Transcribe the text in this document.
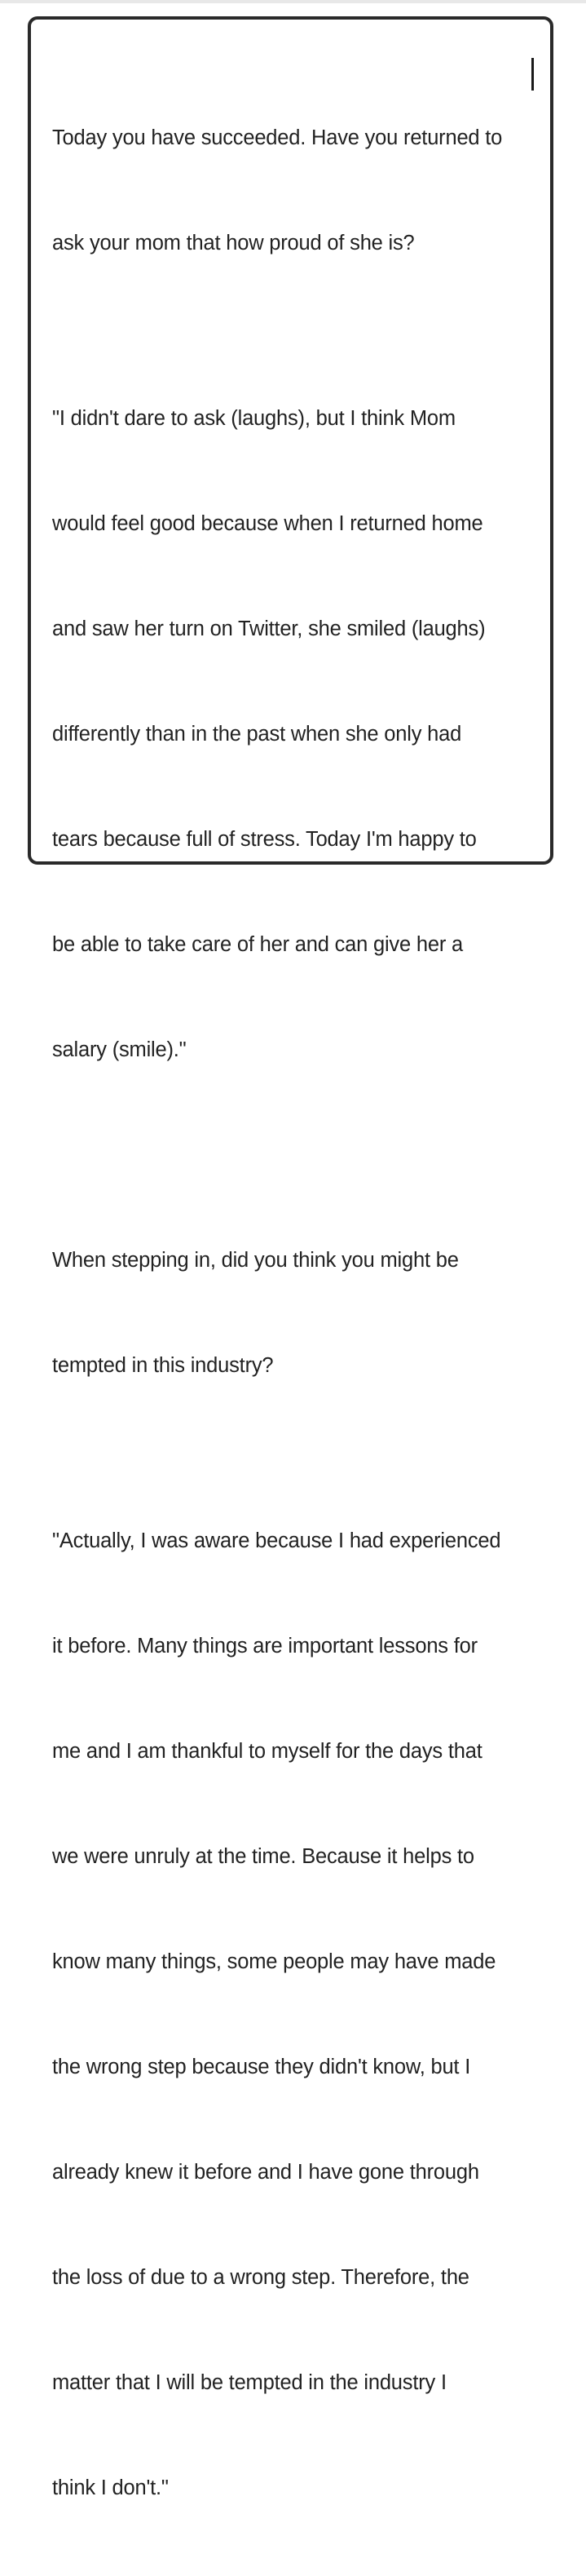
Today you have succeeded. Have you returned to

ask your mom that how proud of she is?

"I didn't dare to ask (laughs), but I think Mom

would feel good because when I returned home

and saw her turn on Twitter, she smiled (laughs)

differently than in the past when she only had

tears because full of stress. Today I'm happy to

be able to take care of her and can give her a

salary (smile)."

When stepping in, did you think you might be

tempted in this industry?

"Actually, I was aware because I had experienced

it before. Many things are important lessons for

me and I am thankful to myself for the days that

we were unruly at the time. Because it helps to

know many things, some people may have made

the wrong step because they didn't know, but I

already knew it before and I have gone through

the loss of due to a wrong step. Therefore, the

matter that I will be tempted in the industry I

think I don't."
